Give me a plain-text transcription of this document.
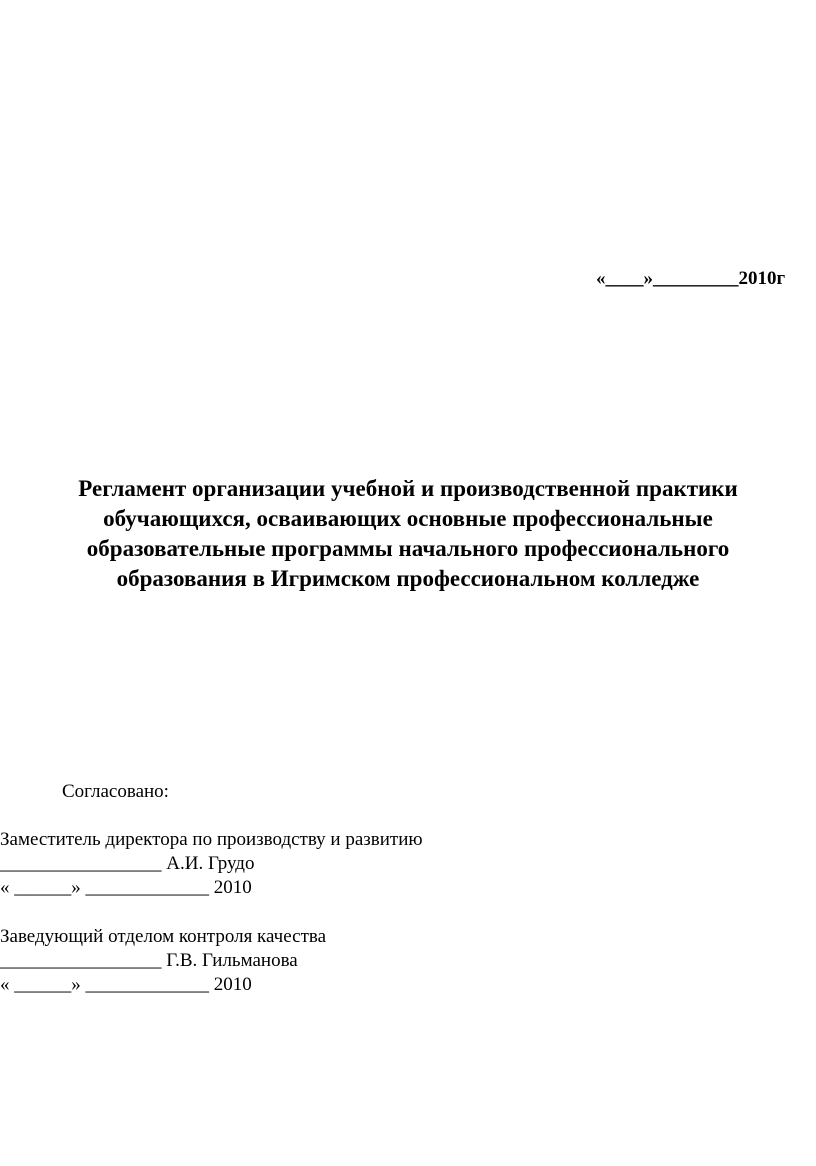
«____»_________2010г
Регламент организации учебной и производственной практики
обучающихся, осваивающих основные профессиональные
образовательные программы начального профессионального
образования в Игримском профессиональном колледже
Согласовано:
Заместитель директора по производству и развитию
_________________ А.И. Грудо
« ______» _____________ 2010
Заведующий отделом контроля качества
_________________ Г.В. Гильманова
« ______» _____________ 2010
